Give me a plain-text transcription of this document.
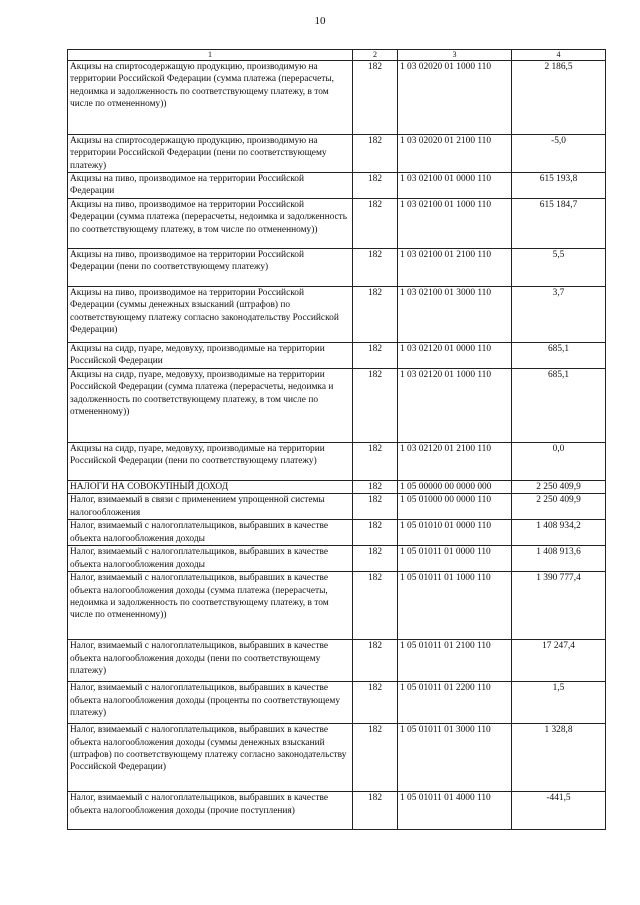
10
1	2	3	4
Акцизы на спиртосодержащую продукцию, производимую на территории Российской Федерации (сумма платежа (перерасчеты, недоимка и задолженность по соответствующему платежу, в том числе по отмененному))	182	1 03 02020 01 1000 110	2 186,5
Акцизы на спиртосодержащую продукцию, производимую на территории Российской Федерации (пени по соответствующему платежу)	182	1 03 02020 01 2100 110	-5,0
Акцизы на пиво, производимое на территории Российской Федерации	182	1 03 02100 01 0000 110	615 193,8
Акцизы на пиво, производимое на территории Российской Федерации (сумма платежа (перерасчеты, недоимка и задолженность по соответствующему платежу, в том числе по отмененному))	182	1 03 02100 01 1000 110	615 184,7
Акцизы на пиво, производимое на территории Российской Федерации (пени по соответствующему платежу)	182	1 03 02100 01 2100 110	5,5
Акцизы на пиво, производимое на территории Российской Федерации (суммы денежных взысканий (штрафов) по соответствующему платежу согласно законодательству Российской Федерации)	182	1 03 02100 01 3000 110	3,7
Акцизы на сидр, пуаре, медовуху, производимые на территории Российской Федерации	182	1 03 02120 01 0000 110	685,1
Акцизы на сидр, пуаре, медовуху, производимые на территории Российской Федерации (сумма платежа (перерасчеты, недоимка и задолженность по соответствующему платежу, в том числе по отмененному))	182	1 03 02120 01 1000 110	685,1
Акцизы на сидр, пуаре, медовуху, производимые на территории Российской Федерации (пени по соответствующему платежу)	182	1 03 02120 01 2100 110	0,0
НАЛОГИ НА СОВОКУПНЫЙ ДОХОД	182	1 05 00000 00 0000 000	2 250 409,9
Налог, взимаемый в связи с применением упрощенной системы налогообложения	182	1 05 01000 00 0000 110	2 250 409,9
Налог, взимаемый с налогоплательщиков, выбравших в качестве объекта налогообложения доходы	182	1 05 01010 01 0000 110	1 408 934,2
Налог, взимаемый с налогоплательщиков, выбравших в качестве объекта налогообложения доходы	182	1 05 01011 01 0000 110	1 408 913,6
Налог, взимаемый с налогоплательщиков, выбравших в качестве объекта налогообложения доходы (сумма платежа (перерасчеты, недоимка и задолженность по соответствующему платежу, в том числе по отмененному))	182	1 05 01011 01 1000 110	1 390 777,4
Налог, взимаемый с налогоплательщиков, выбравших в качестве объекта налогообложения доходы (пени по соответствующему платежу)	182	1 05 01011 01 2100 110	17 247,4
Налог, взимаемый с налогоплательщиков, выбравших в качестве объекта налогообложения доходы (проценты по соответствующему платежу)	182	1 05 01011 01 2200 110	1,5
Налог, взимаемый с налогоплательщиков, выбравших в качестве объекта налогообложения доходы (суммы денежных взысканий (штрафов) по соответствующему платежу согласно законодательству Российской Федерации)	182	1 05 01011 01 3000 110	1 328,8
Налог, взимаемый с налогоплательщиков, выбравших в качестве объекта налогообложения доходы (прочие поступления)	182	1 05 01011 01 4000 110	-441,5
